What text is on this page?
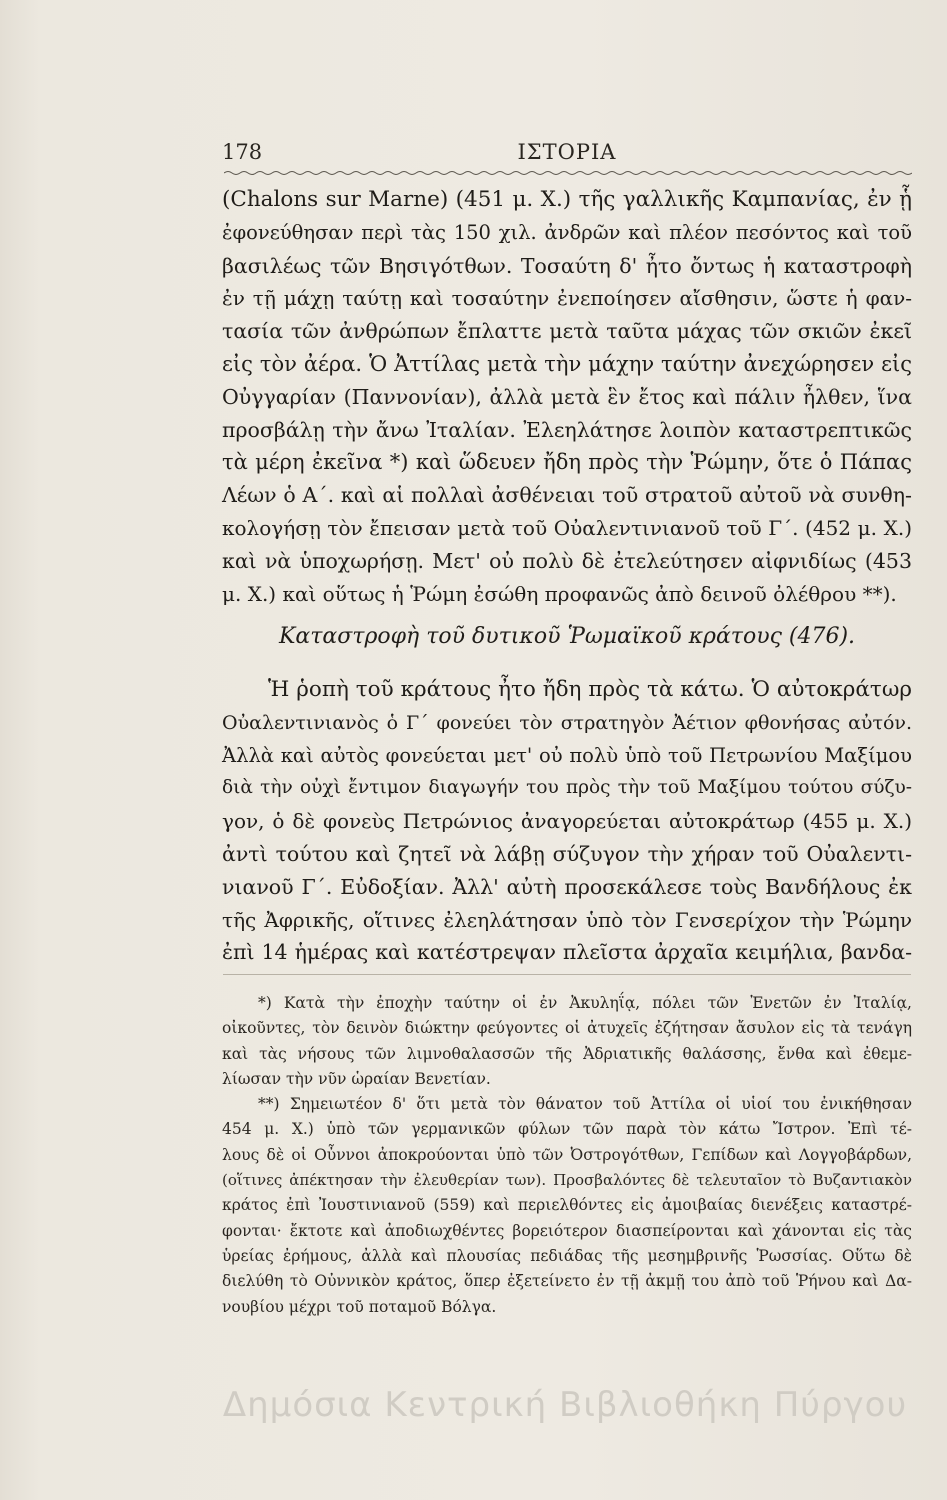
178	ΙΣΤΟΡΙΑ
(Chalons sur Marne) (451 μ. Χ.) τῆς γαλλικῆς Καμπανίας, ἐν ᾗ
ἐφονεύθησαν περὶ τὰς 150 χιλ. ἀνδρῶν καὶ πλέον πεσόντος καὶ τοῦ
βασιλέως τῶν Βησιγότθων. Τοσαύτη δ' ἦτο ὄντως ἡ καταστροφὴ
ἐν τῇ μάχῃ ταύτῃ καὶ τοσαύτην ἐνεποίησεν αἴσθησιν, ὥστε ἡ φαν-
τασία τῶν ἀνθρώπων ἔπλαττε μετὰ ταῦτα μάχας τῶν σκιῶν ἐκεῖ
εἰς τὸν ἀέρα. Ὁ Ἀττίλας μετὰ τὴν μάχην ταύτην ἀνεχώρησεν εἰς
Οὐγγαρίαν (Παννονίαν), ἀλλὰ μετὰ ἓν ἔτος καὶ πάλιν ἦλθεν, ἵνα
προσβάλῃ τὴν ἄνω Ἰταλίαν. Ἐλεηλάτησε λοιπὸν καταστρεπτικῶς
τὰ μέρη ἐκεῖνα *) καὶ ὥδευεν ἤδη πρὸς τὴν Ῥώμην, ὅτε ὁ Πάπας
Λέων ὁ Α΄. καὶ αἱ πολλαὶ ἀσθένειαι τοῦ στρατοῦ αὐτοῦ νὰ συνθη-
κολογήσῃ τὸν ἔπεισαν μετὰ τοῦ Οὐαλεντινιανοῦ τοῦ Γ΄. (452 μ. Χ.)
καὶ νὰ ὑποχωρήσῃ. Μετ' οὐ πολὺ δὲ ἐτελεύτησεν αἰφνιδίως (453
μ. Χ.) καὶ οὕτως ἡ Ῥώμη ἐσώθη προφανῶς ἀπὸ δεινοῦ ὀλέθρου **).
Καταστροφὴ τοῦ δυτικοῦ Ῥωμαϊκοῦ κράτους (476).
Ἡ ῥοπὴ τοῦ κράτους ἦτο ἤδη πρὸς τὰ κάτω. Ὁ αὐτοκράτωρ
Οὐαλεντινιανὸς ὁ Γ΄ φονεύει τὸν στρατηγὸν Ἀέτιον φθονήσας αὐτόν.
Ἀλλὰ καὶ αὐτὸς φονεύεται μετ' οὐ πολὺ ὑπὸ τοῦ Πετρωνίου Μαξίμου
διὰ τὴν οὐχὶ ἔντιμον διαγωγήν του πρὸς τὴν τοῦ Μαξίμου τούτου σύζυ-
γον, ὁ δὲ φονεὺς Πετρώνιος ἀναγορεύεται αὐτοκράτωρ (455 μ. Χ.)
ἀντὶ τούτου καὶ ζητεῖ νὰ λάβῃ σύζυγον τὴν χήραν τοῦ Οὐαλεντι-
νιανοῦ Γ΄. Εὐδοξίαν. Ἀλλ' αὐτὴ προσεκάλεσε τοὺς Βανδήλους ἐκ
τῆς Ἀφρικῆς, οἵτινες ἐλεηλάτησαν ὑπὸ τὸν Γενσερίχον τὴν Ῥώμην
ἐπὶ 14 ἡμέρας καὶ κατέστρεψαν πλεῖστα ἀρχαῖα κειμήλια, βανδα-
*) Κατὰ τὴν ἐποχὴν ταύτην οἱ ἐν Ἀκυληΐᾳ, πόλει τῶν Ἐνετῶν ἐν Ἰταλίᾳ,
οἰκοῦντες, τὸν δεινὸν διώκτην φεύγοντες οἱ ἀτυχεῖς ἐζήτησαν ἄσυλον εἰς τὰ τενάγη
καὶ τὰς νήσους τῶν λιμνοθαλασσῶν τῆς Ἀδριατικῆς θαλάσσης, ἔνθα καὶ ἐθεμε-
λίωσαν τὴν νῦν ὡραίαν Βενετίαν.
**) Σημειωτέον δ' ὅτι μετὰ τὸν θάνατον τοῦ Ἀττίλα οἱ υἱοί του ἐνικήθησαν
454 μ. Χ.) ὑπὸ τῶν γερμανικῶν φύλων τῶν παρὰ τὸν κάτω Ἴστρον. Ἐπὶ τέ-
λους δὲ οἱ Οὖννοι ἀποκρούονται ὑπὸ τῶν Ὀστρογότθων, Γεπίδων καὶ Λογγοβάρδων,
(οἵτινες ἀπέκτησαν τὴν ἐλευθερίαν των). Προσβαλόντες δὲ τελευταῖον τὸ Βυζαντιακὸν
κράτος ἐπὶ Ἰουστινιανοῦ (559) καὶ περιελθόντες εἰς ἀμοιβαίας διενέξεις καταστρέ-
φονται· ἔκτοτε καὶ ἀποδιωχθέντες βορειότερον διασπείρονται καὶ χάνονται εἰς τὰς
ὑρείας ἐρήμους, ἀλλὰ καὶ πλουσίας πεδιάδας τῆς μεσημβρινῆς Ῥωσσίας. Οὕτω δὲ
διελύθη τὸ Οὐννικὸν κράτος, ὅπερ ἐξετείνετο ἐν τῇ ἀκμῇ του ἀπὸ τοῦ Ῥήνου καὶ Δα-
νουβίου μέχρι τοῦ ποταμοῦ Βόλγα.
Δημόσια Κεντρική Βιβλιοθήκη Πύργου
